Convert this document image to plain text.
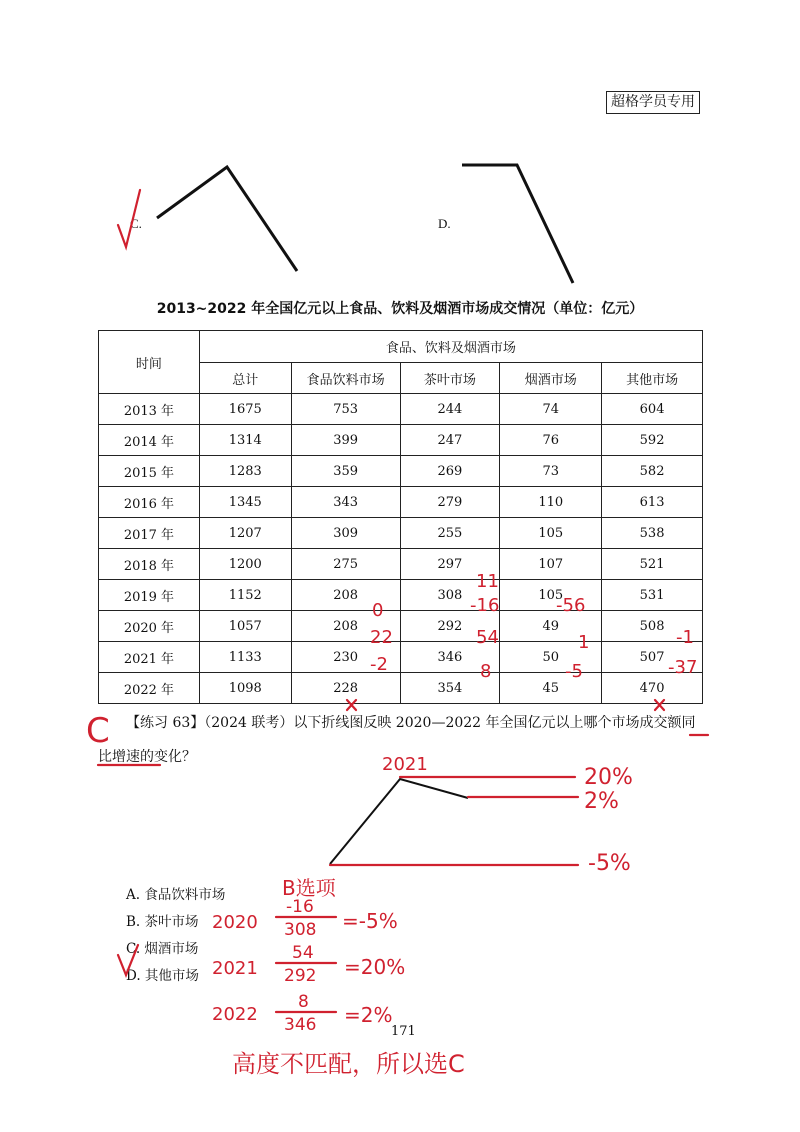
超格学员专用
C.	D.
2013~2022 年全国亿元以上食品、饮料及烟酒市场成交情况（单位：亿元）
时间	食品、饮料及烟酒市场				
	总计	食品饮料市场	茶叶市场	烟酒市场	其他市场
2013 年	1675	753	244	74	604
2014 年	1314	399	247	76	592
2015 年	1283	359	269	73	582
2016 年	1345	343	279	110	613
2017 年	1207	309	255	105	538
2018 年	1200	275	297	107	521
2019 年	1152	208	308	105	531
2020 年	1057	208	292	49	508
2021 年	1133	230	346	50	507
2022 年	1098	228	354	45	470
【练习 63】（2024 联考）以下折线图反映 2020—2022 年全国亿元以上哪个市场成交额同
比增速的变化？
A. 食品饮料市场
B. 茶叶市场
C. 烟酒市场
D. 其他市场
171
C
2021
20%
2%
-5%
0
22
-2
11
-16
54
8
-56
1
-5
-1
-37
B选项
2020
-16
308 =-5%
2021
54
292 =20%
2022
8
346 =2%
高度不匹配，所以选C
